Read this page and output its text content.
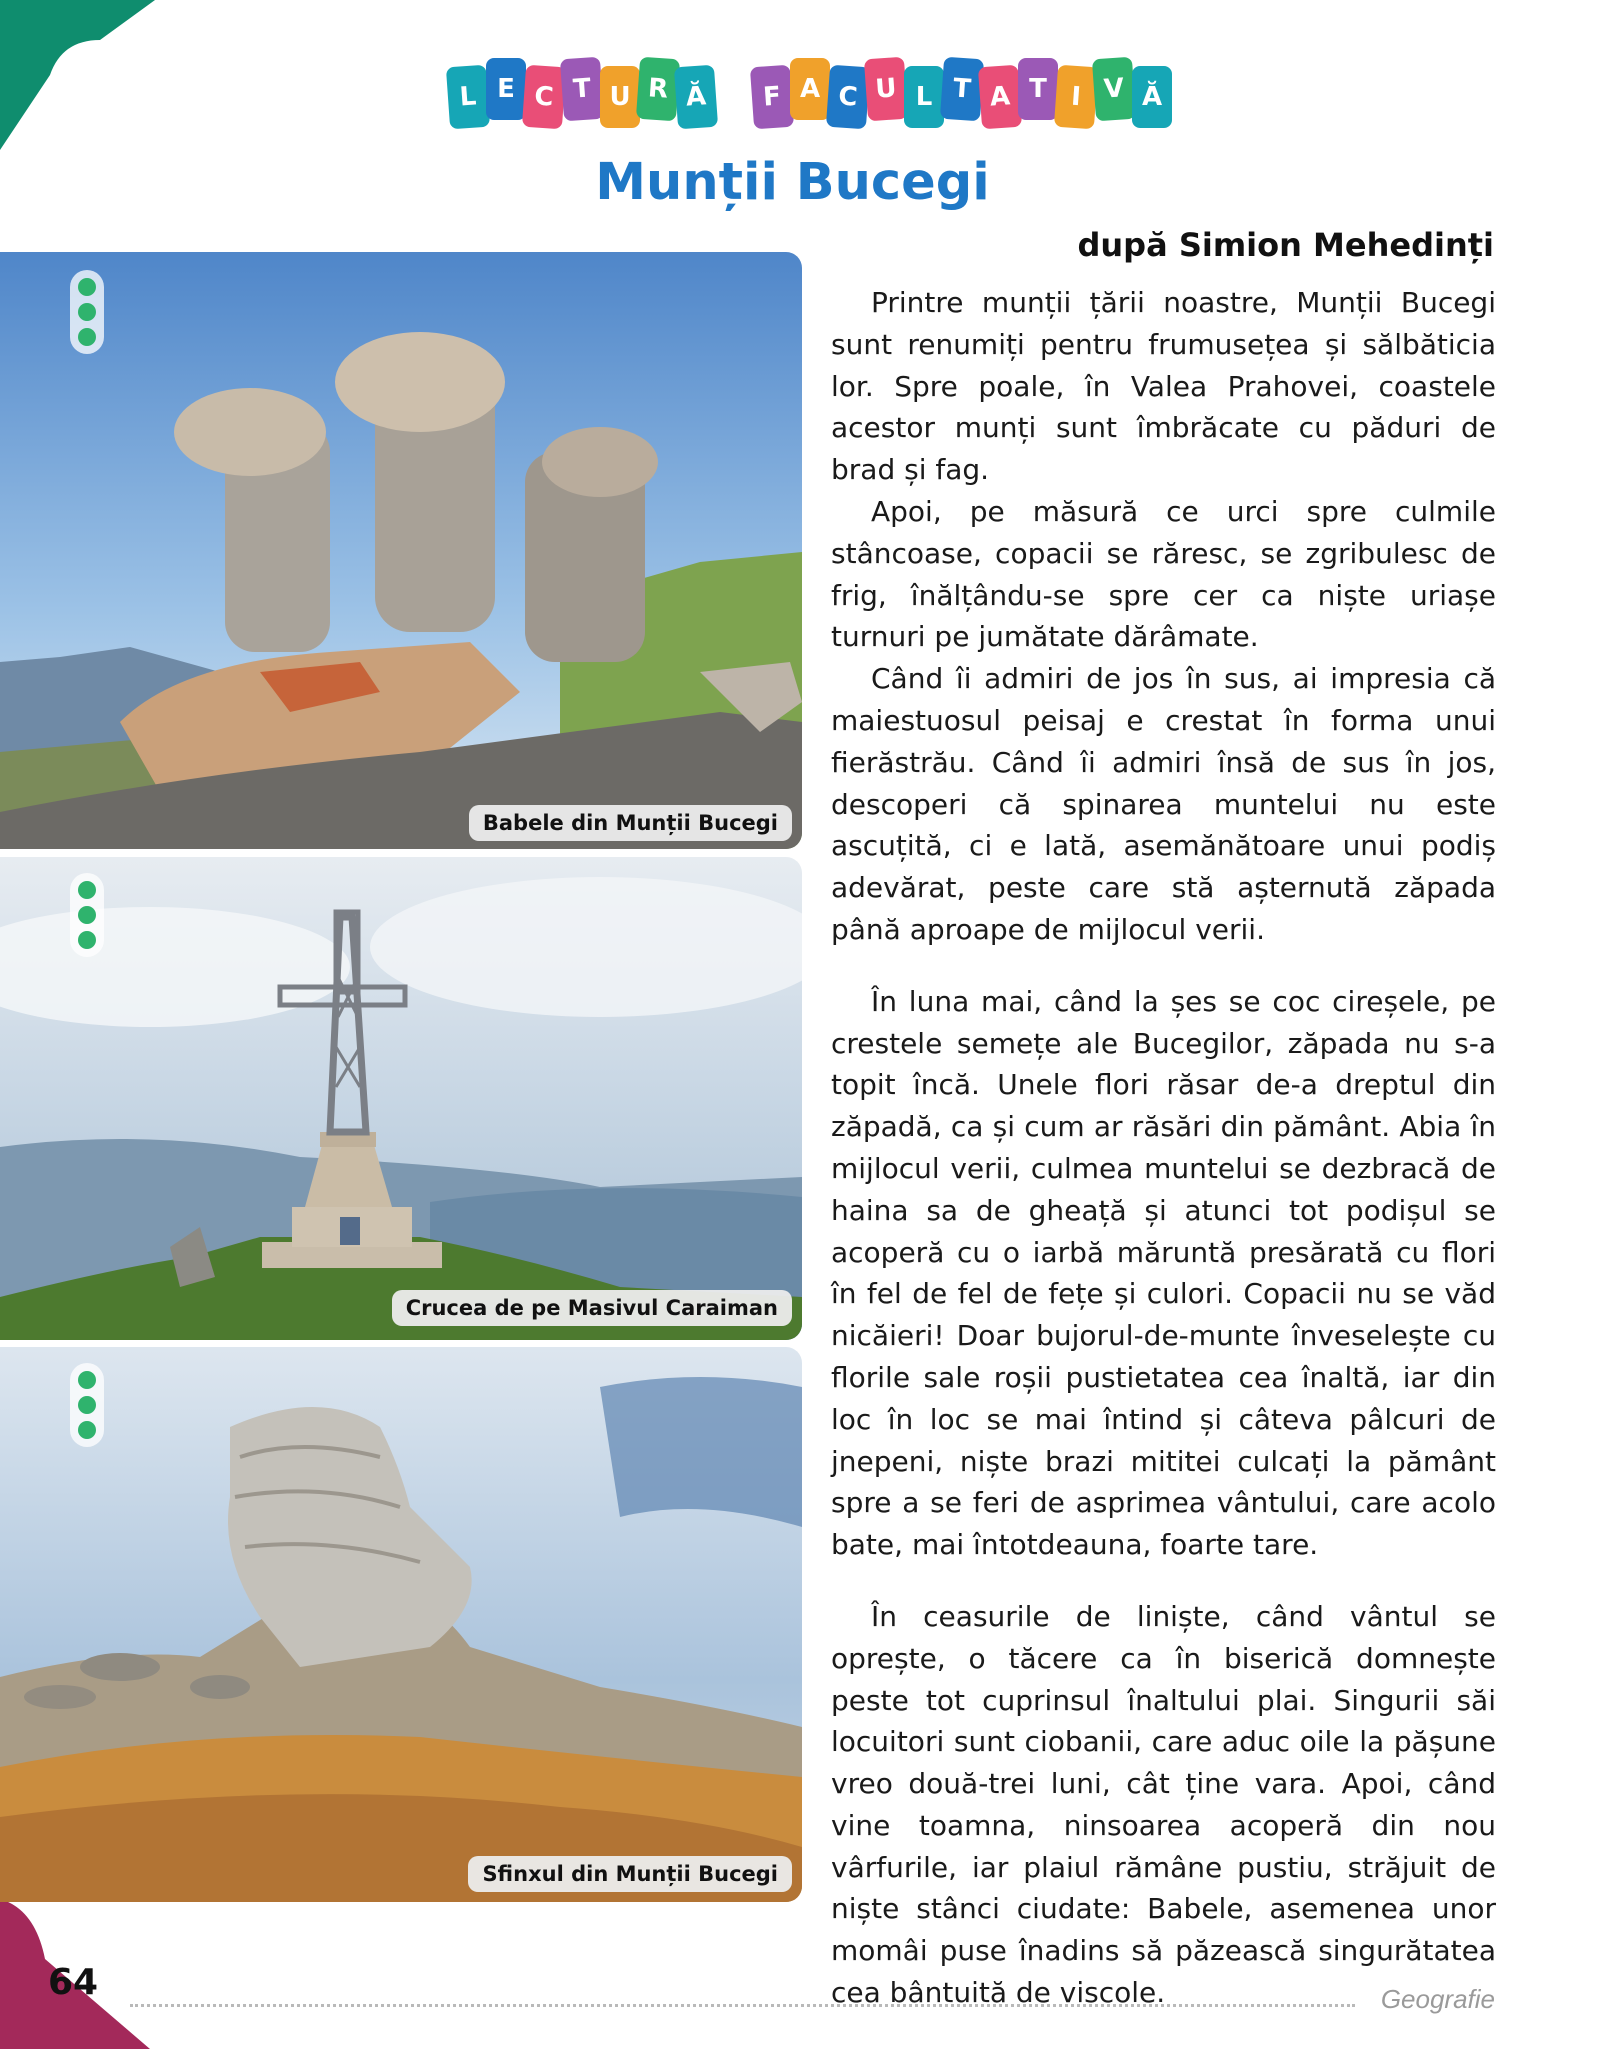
L E C T U R Ă	F A C U L T A T I V Ă
Munții Bucegi
după Simion Mehedinți
Babele din Munții Bucegi
Crucea de pe Masivul Caraiman
Sfinxul din Munții Bucegi

Printre munții țării noastre, Munții Bucegi sunt renumiți pentru frumusețea și sălbăticia lor. Spre poale, în Valea Prahovei, coastele acestor munți sunt îmbrăcate cu păduri de brad și fag.

Apoi, pe măsură ce urci spre culmile stâncoase, copacii se răresc, se zgribulesc de frig, înălțându-se spre cer ca niște uriașe turnuri pe jumătate dărâmate.

Când îi admiri de jos în sus, ai impresia că maiestuosul peisaj e crestat în forma unui fierăstrău. Când îi admiri însă de sus în jos, descoperi că spinarea muntelui nu este ascuțită, ci e lată, asemănătoare unui podiș adevărat, peste care stă așternută zăpada până aproape de mijlocul verii.

În luna mai, când la șes se coc cireșele, pe crestele semețe ale Bucegilor, zăpada nu s-a topit încă. Unele flori răsar de-a dreptul din zăpadă, ca și cum ar răsări din pământ. Abia în mijlocul verii, culmea muntelui se dezbracă de haina sa de gheață și atunci tot podișul se acoperă cu o iarbă măruntă presărată cu flori în fel de fel de fețe și culori. Copacii nu se văd nicăieri! Doar bujorul-de-munte înveselește cu florile sale roșii pustietatea cea înaltă, iar din loc în loc se mai întind și câteva pâlcuri de jnepeni, niște brazi mititei culcați la pământ spre a se feri de asprimea vântului, care acolo bate, mai întotdeauna, foarte tare.

În ceasurile de liniște, când vântul se oprește, o tăcere ca în biserică domnește peste tot cuprinsul înaltului plai. Singurii săi locuitori sunt ciobanii, care aduc oile la pășune vreo două-trei luni, cât ține vara. Apoi, când vine toamna, ninsoarea acoperă din nou vârfurile, iar plaiul rămâne pustiu, străjuit de niște stânci ciudate: Babele, asemenea unor momâi puse înadins să păzească singurătatea cea bântuită de viscole.

64	Geografie
